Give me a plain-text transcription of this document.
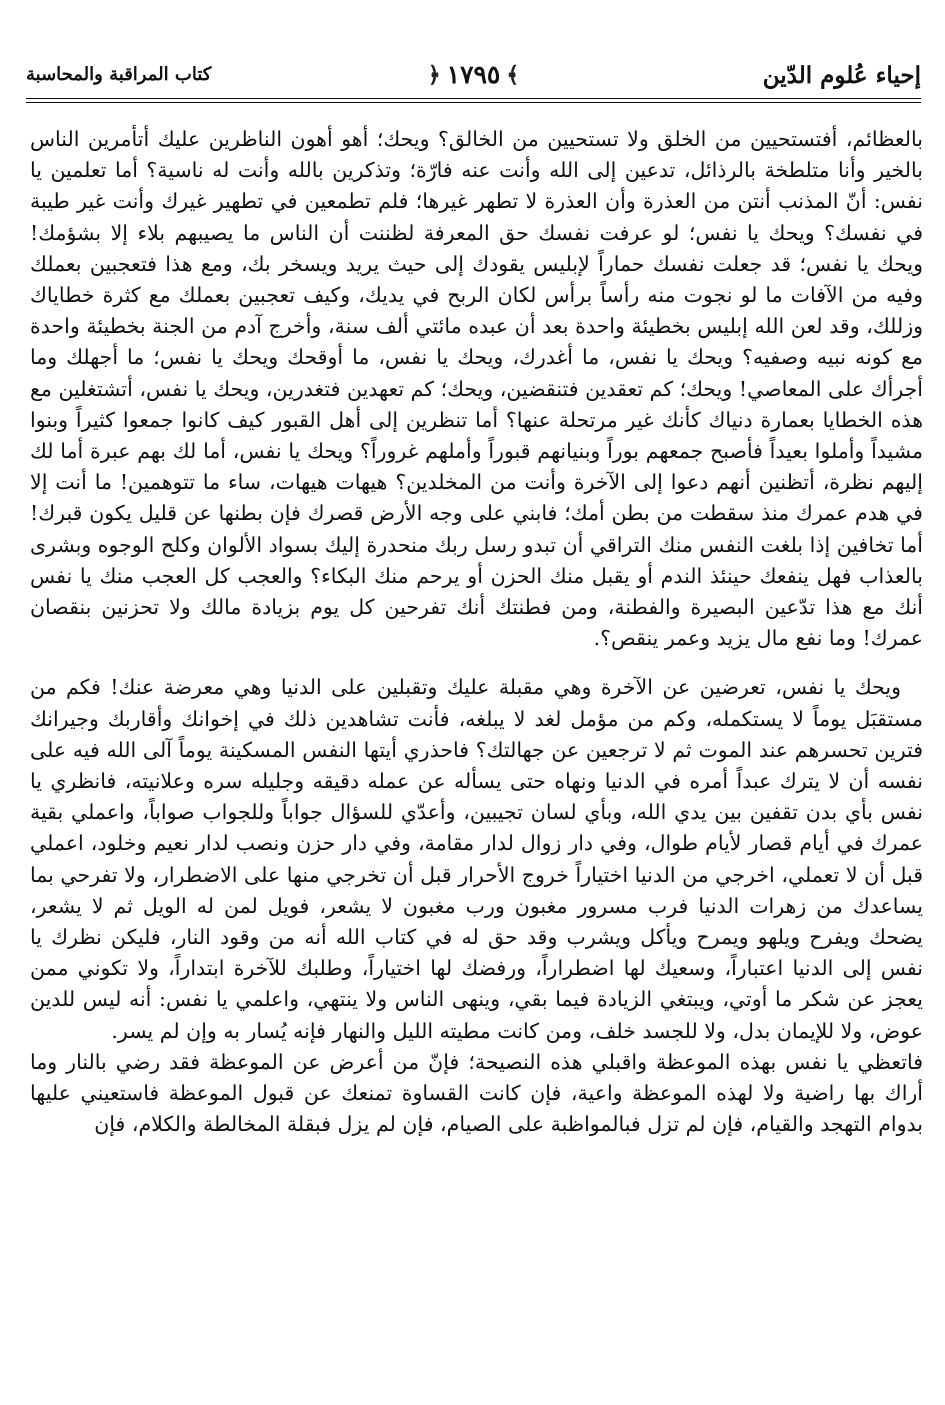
إحياء عُلوم الدّين
﴿ ١٧٩٥ ﴾
كتاب المراقبة والمحاسبة

بالعظائم، أفتستحيين من الخلق ولا تستحيين من الخالق؟ ويحك؛ أهو أهون الناظرين عليك أتأمرين الناس بالخير وأنا متلطخة بالرذائل، تدعين إلى الله وأنت عنه فارّة؛ وتذكرين بالله وأنت له ناسية؟ أما تعلمين يا نفس: أنّ المذنب أنتن من العذرة وأن العذرة لا تطهر غيرها؛ فلم تطمعين في تطهير غيرك وأنت غير طيبة في نفسك؟ ويحك يا نفس؛ لو عرفت نفسك حق المعرفة لظننت أن الناس ما يصيبهم بلاء إلا بشؤمك! ويحك يا نفس؛ قد جعلت نفسك حماراً لإبليس يقودك إلى حيث يريد ويسخر بك، ومع هذا فتعجبين بعملك وفيه من الآفات ما لو نجوت منه رأساً برأس لكان الربح في يديك، وكيف تعجبين بعملك مع كثرة خطاياك وزللك، وقد لعن الله إبليس بخطيئة واحدة بعد أن عبده مائتي ألف سنة، وأخرج آدم من الجنة بخطيئة واحدة مع كونه نبيه وصفيه؟ ويحك يا نفس، ما أغدرك، ويحك يا نفس، ما أوقحك ويحك يا نفس؛ ما أجهلك وما أجرأك على المعاصي! ويحك؛ كم تعقدين فتنقضين، ويحك؛ كم تعهدين فتغدرين، ويحك يا نفس، أتشتغلين مع هذه الخطايا بعمارة دنياك كأنك غير مرتحلة عنها؟ أما تنظرين إلى أهل القبور كيف كانوا جمعوا كثيراً وبنوا مشيداً وأملوا بعيداً فأصبح جمعهم بوراً وبنيانهم قبوراً وأملهم غروراً؟ ويحك يا نفس، أما لك بهم عبرة أما لك إليهم نظرة، أتظنين أنهم دعوا إلى الآخرة وأنت من المخلدين؟ هيهات هيهات، ساء ما تتوهمين! ما أنت إلا في هدم عمرك منذ سقطت من بطن أمك؛ فابني على وجه الأرض قصرك فإن بطنها عن قليل يكون قبرك! أما تخافين إذا بلغت النفس منك التراقي أن تبدو رسل ربك منحدرة إليك بسواد الألوان وكلح الوجوه وبشرى بالعذاب فهل ينفعك حينئذ الندم أو يقبل منك الحزن أو يرحم منك البكاء؟ والعجب كل العجب منك يا نفس أنك مع هذا تدّعين البصيرة والفطنة، ومن فطنتك أنك تفرحين كل يوم بزيادة مالك ولا تحزنين بنقصان عمرك! وما نفع مال يزيد وعمر ينقص؟.

ويحك يا نفس، تعرضين عن الآخرة وهي مقبلة عليك وتقبلين على الدنيا وهي معرضة عنك! فكم من مستقبَل يوماً لا يستكمله، وكم من مؤمل لغد لا يبلغه، فأنت تشاهدين ذلك في إخوانك وأقاربك وجيرانك فترين تحسرهم عند الموت ثم لا ترجعين عن جهالتك؟ فاحذري أيتها النفس المسكينة يوماً آلى الله فيه على نفسه أن لا يترك عبداً أمره في الدنيا ونهاه حتى يسأله عن عمله دقيقه وجليله سره وعلانيته، فانظري يا نفس بأي بدن تقفين بين يدي الله، وبأي لسان تجيبين، وأعدّي للسؤال جواباً وللجواب صواباً، واعملي بقية عمرك في أيام قصار لأيام طوال، وفي دار زوال لدار مقامة، وفي دار حزن ونصب لدار نعيم وخلود، اعملي قبل أن لا تعملي، اخرجي من الدنيا اختياراً خروج الأحرار قبل أن تخرجي منها على الاضطرار، ولا تفرحي بما يساعدك من زهرات الدنيا فرب مسرور مغبون ورب مغبون لا يشعر، فويل لمن له الويل ثم لا يشعر، يضحك ويفرح ويلهو ويمرح ويأكل ويشرب وقد حق له في كتاب الله أنه من وقود النار، فليكن نظرك يا نفس إلى الدنيا اعتباراً، وسعيك لها اضطراراً، ورفضك لها اختياراً، وطلبك للآخرة ابتداراً، ولا تكوني ممن يعجز عن شكر ما أوتي، ويبتغي الزيادة فيما بقي، وينهى الناس ولا ينتهي، واعلمي يا نفس: أنه ليس للدين عوض، ولا للإيمان بدل، ولا للجسد خلف، ومن كانت مطيته الليل والنهار فإنه يُسار به وإن لم يسر.

فاتعظي يا نفس بهذه الموعظة واقبلي هذه النصيحة؛ فإنّ من أعرض عن الموعظة فقد رضي بالنار وما أراك بها راضية ولا لهذه الموعظة واعية، فإن كانت القساوة تمنعك عن قبول الموعظة فاستعيني عليها بدوام التهجد والقيام، فإن لم تزل فبالمواظبة على الصيام، فإن لم يزل فبقلة المخالطة والكلام، فإن
